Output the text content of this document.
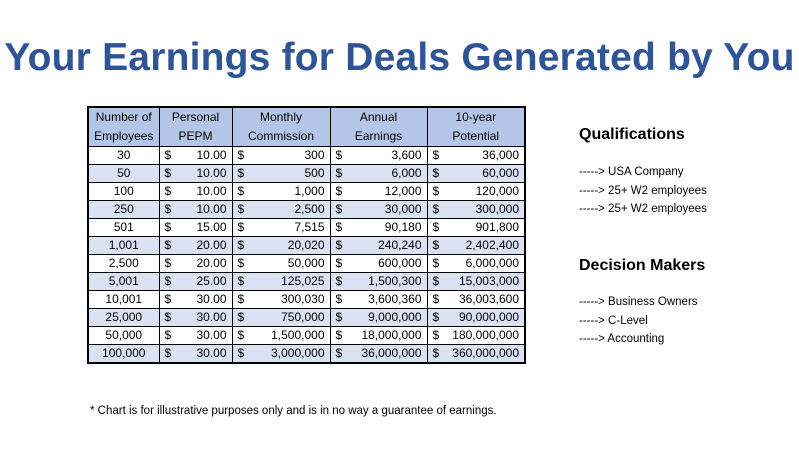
Your Earnings for Deals Generated by You
Number of	Personal	Monthly	Annual	10-year
Employees	PEPM	Commission	Earnings	Potential
30	$ 10.00	$ 300	$ 3,600	$ 36,000

50	$ 10.00	$ 500	$ 6,000	$ 60,000

100	$ 10.00	$ 1,000	$ 12,000	$ 120,000

250	$ 10.00	$ 2,500	$ 30,000	$ 300,000

501	$ 15.00	$ 7,515	$ 90,180	$ 901,800

1,001	$ 20.00	$ 20,020	$ 240,240	$ 2,402,400

2,500	$ 20.00	$ 50,000	$ 600,000	$ 6,000,000

5,001	$ 25.00	$ 125,025	$ 1,500,300	$ 15,003,000

10,001	$ 30.00	$ 300,030	$ 3,600,360	$ 36,003,600

25,000	$ 30.00	$ 750,000	$ 9,000,000	$ 90,000,000

50,000	$ 30.00	$ 1,500,000	$ 18,000,000	$ 180,000,000

100,000	$ 30.00	$ 3,000,000	$ 36,000,000	$ 360,000,000
Qualifications
-----> USA Company
-----> 25+ W2 employees
-----> 25+ W2 employees
Decision Makers
-----> Business Owners
-----> C-Level
-----> Accounting
* Chart is for illustrative purposes only and is in no way a guarantee of earnings.
